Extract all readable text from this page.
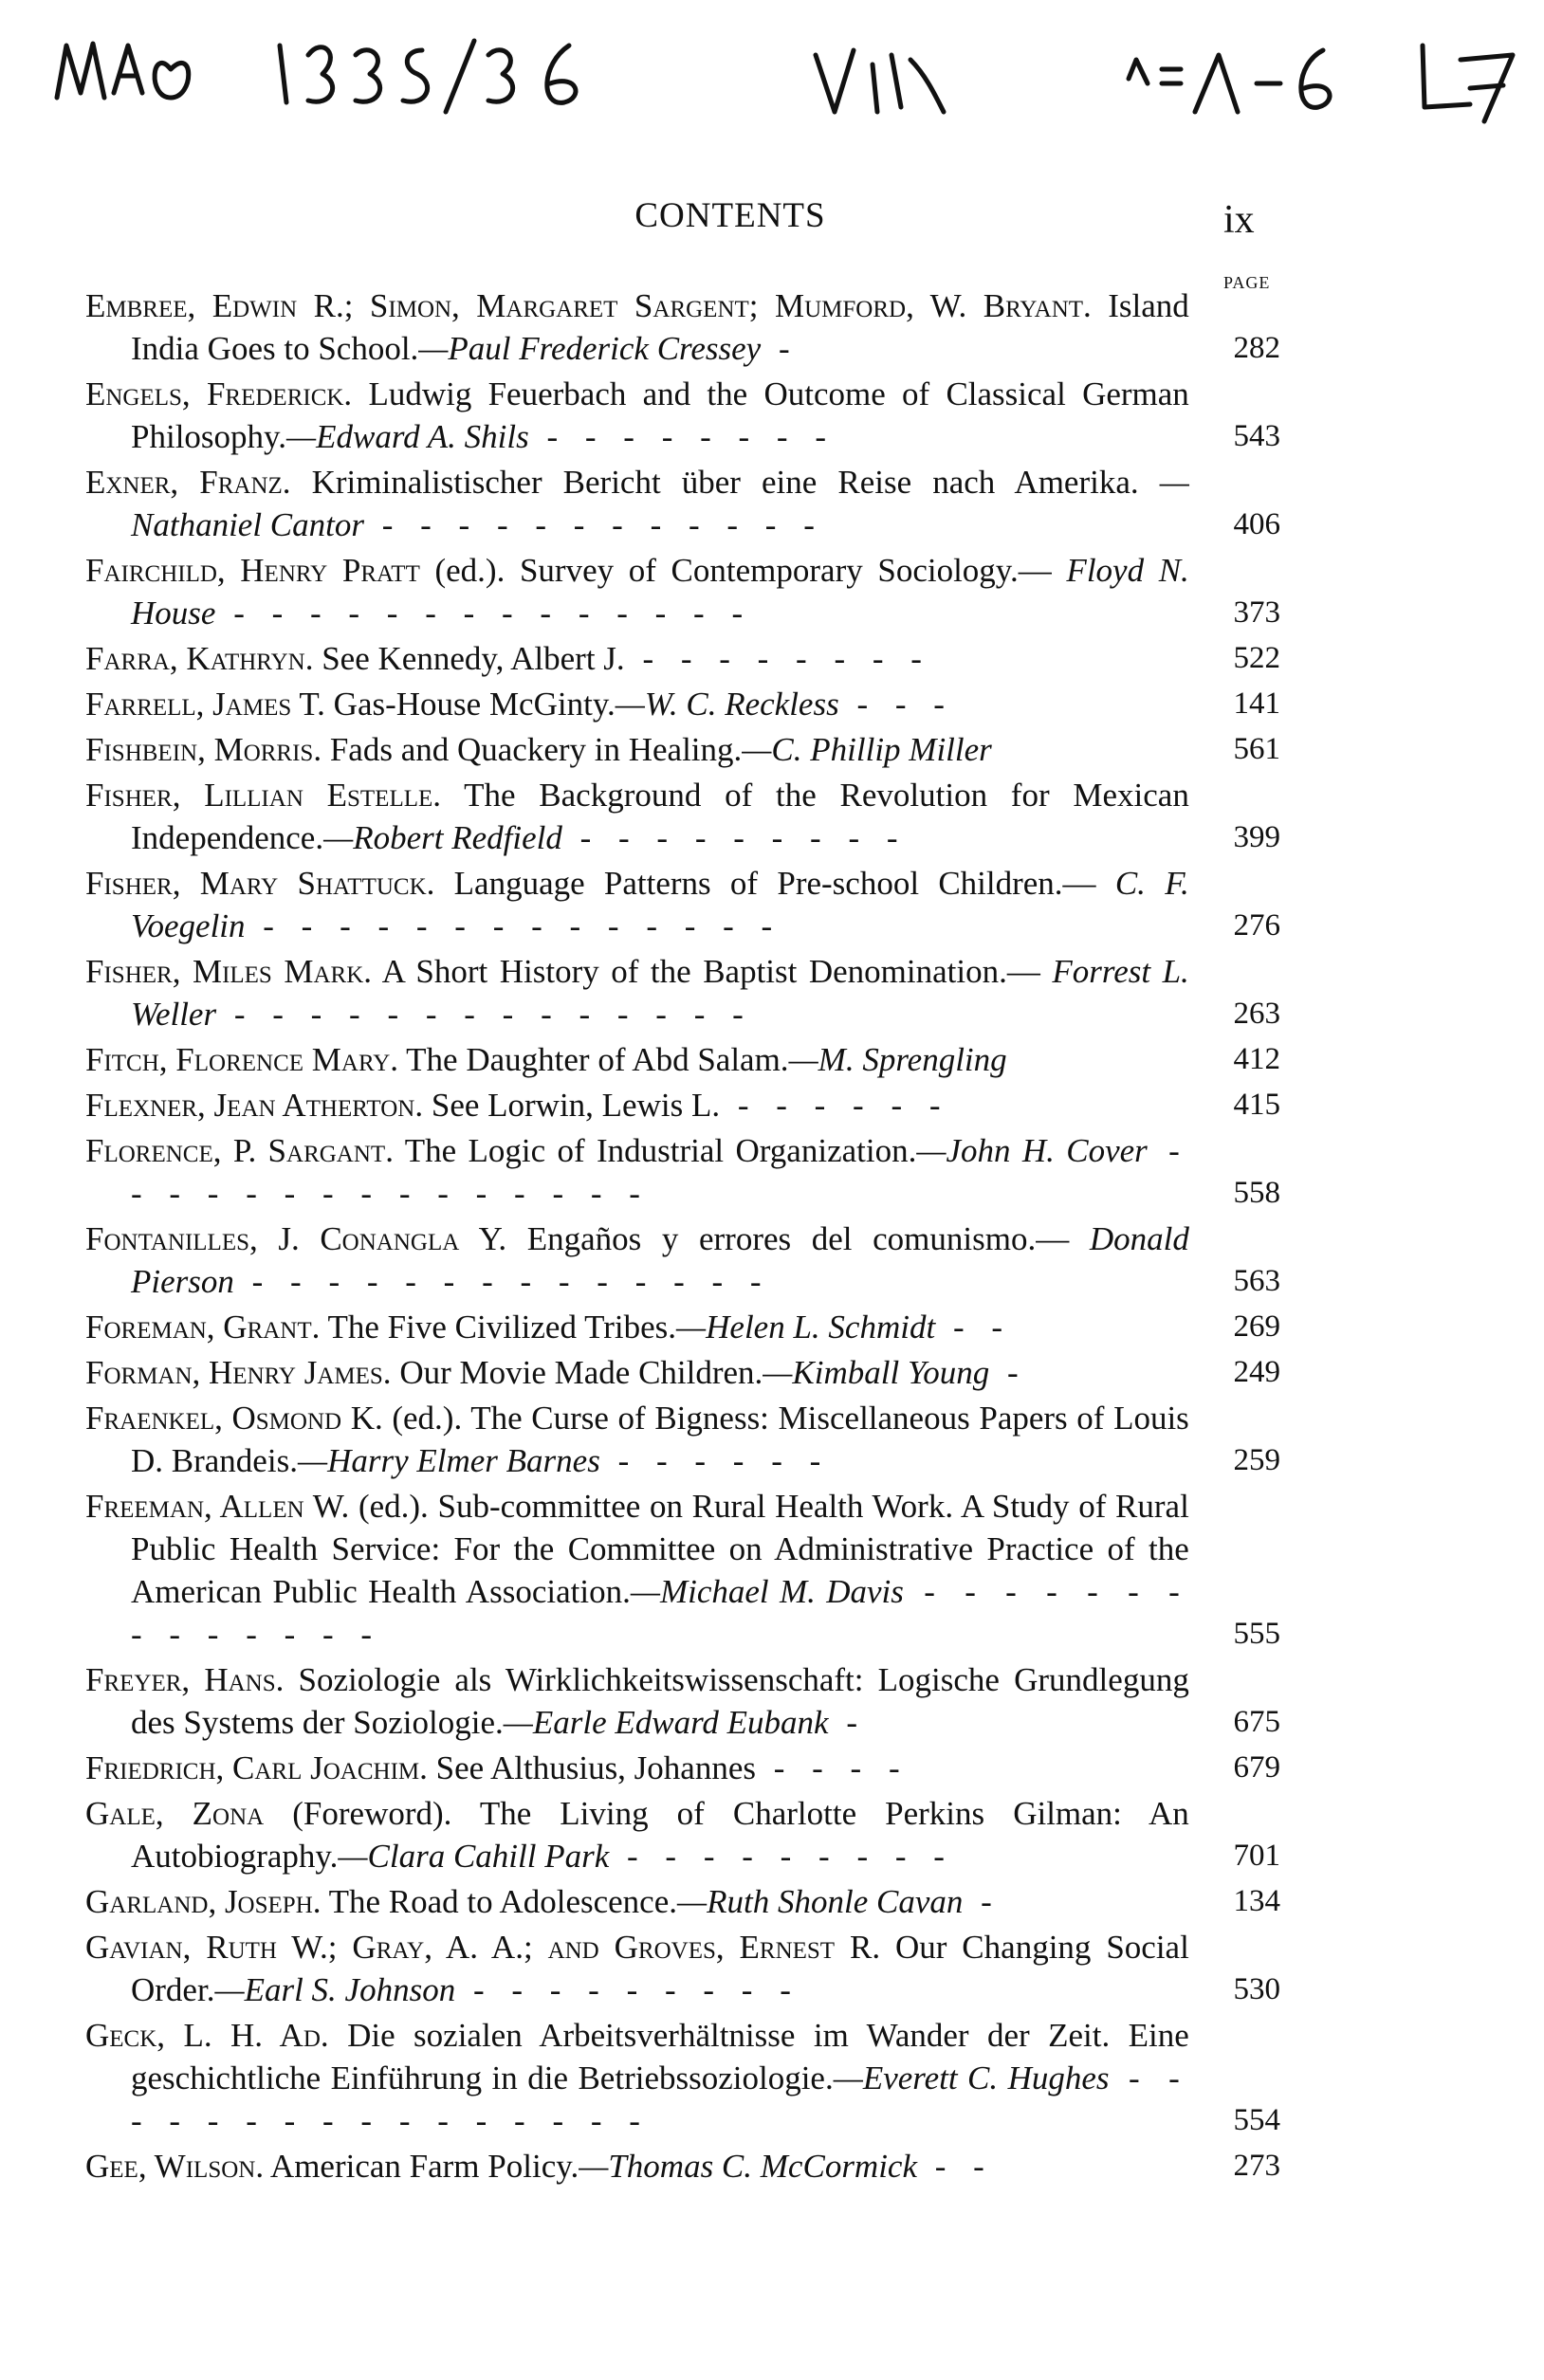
CONTENTS	ix
PAGE
Embree, Edwin R.; Simon, Margaret Sargent; Mumford, W. Bryant. Island India Goes to School.—Paul Frederick Cressey -	282
Engels, Frederick. Ludwig Feuerbach and the Outcome of Classical German Philosophy.—Edward A. Shils - - - - - - - -	543
Exner, Franz. Kriminalistischer Bericht über eine Reise nach Amerika. —Nathaniel Cantor - - - - - - - - - - - -	406
Fairchild, Henry Pratt (ed.). Survey of Contemporary Sociology.— Floyd N. House - - - - - - - - - - - - - -	373
Farra, Kathryn. See Kennedy, Albert J. - - - - - - - -	522
Farrell, James T. Gas-House McGinty.—W. C. Reckless - - -	141
Fishbein, Morris. Fads and Quackery in Healing.—C. Phillip Miller	561
Fisher, Lillian Estelle. The Background of the Revolution for Mexican Independence.—Robert Redfield - - - - - - - - -	399
Fisher, Mary Shattuck. Language Patterns of Pre-school Children.— C. F. Voegelin - - - - - - - - - - - - - -	276
Fisher, Miles Mark. A Short History of the Baptist Denomination.— Forrest L. Weller - - - - - - - - - - - - - -	263
Fitch, Florence Mary. The Daughter of Abd Salam.—M. Sprengling	412
Flexner, Jean Atherton. See Lorwin, Lewis L. - - - - - -	415
Florence, P. Sargant. The Logic of Industrial Organization.—John H. Cover - - - - - - - - - - - - - - -	558
Fontanilles, J. Conangla Y. Engaños y errores del comunismo.— Donald Pierson - - - - - - - - - - - - - -	563
Foreman, Grant. The Five Civilized Tribes.—Helen L. Schmidt - -	269
Forman, Henry James. Our Movie Made Children.—Kimball Young -	249
Fraenkel, Osmond K. (ed.). The Curse of Bigness: Miscellaneous Papers of Louis D. Brandeis.—Harry Elmer Barnes - - - - - -	259
Freeman, Allen W. (ed.). Sub-committee on Rural Health Work. A Study of Rural Public Health Service: For the Committee on Administrative Practice of the American Public Health Association.—Michael M. Davis - - - - - - - - - - - - - -	555
Freyer, Hans. Soziologie als Wirklichkeitswissenschaft: Logische Grundlegung des Systems der Soziologie.—Earle Edward Eubank -	675
Friedrich, Carl Joachim. See Althusius, Johannes - - - -	679
Gale, Zona (Foreword). The Living of Charlotte Perkins Gilman: An Autobiography.—Clara Cahill Park - - - - - - - - -	701
Garland, Joseph. The Road to Adolescence.—Ruth Shonle Cavan -	134
Gavian, Ruth W.; Gray, A. A.; and Groves, Ernest R. Our Changing Social Order.—Earl S. Johnson - - - - - - - - -	530
Geck, L. H. Ad. Die sozialen Arbeitsverhältnisse im Wander der Zeit. Eine geschichtliche Einführung in die Betriebssoziologie.—Everett C. Hughes - - - - - - - - - - - - - - - -	554
Gee, Wilson. American Farm Policy.—Thomas C. McCormick - -	273
